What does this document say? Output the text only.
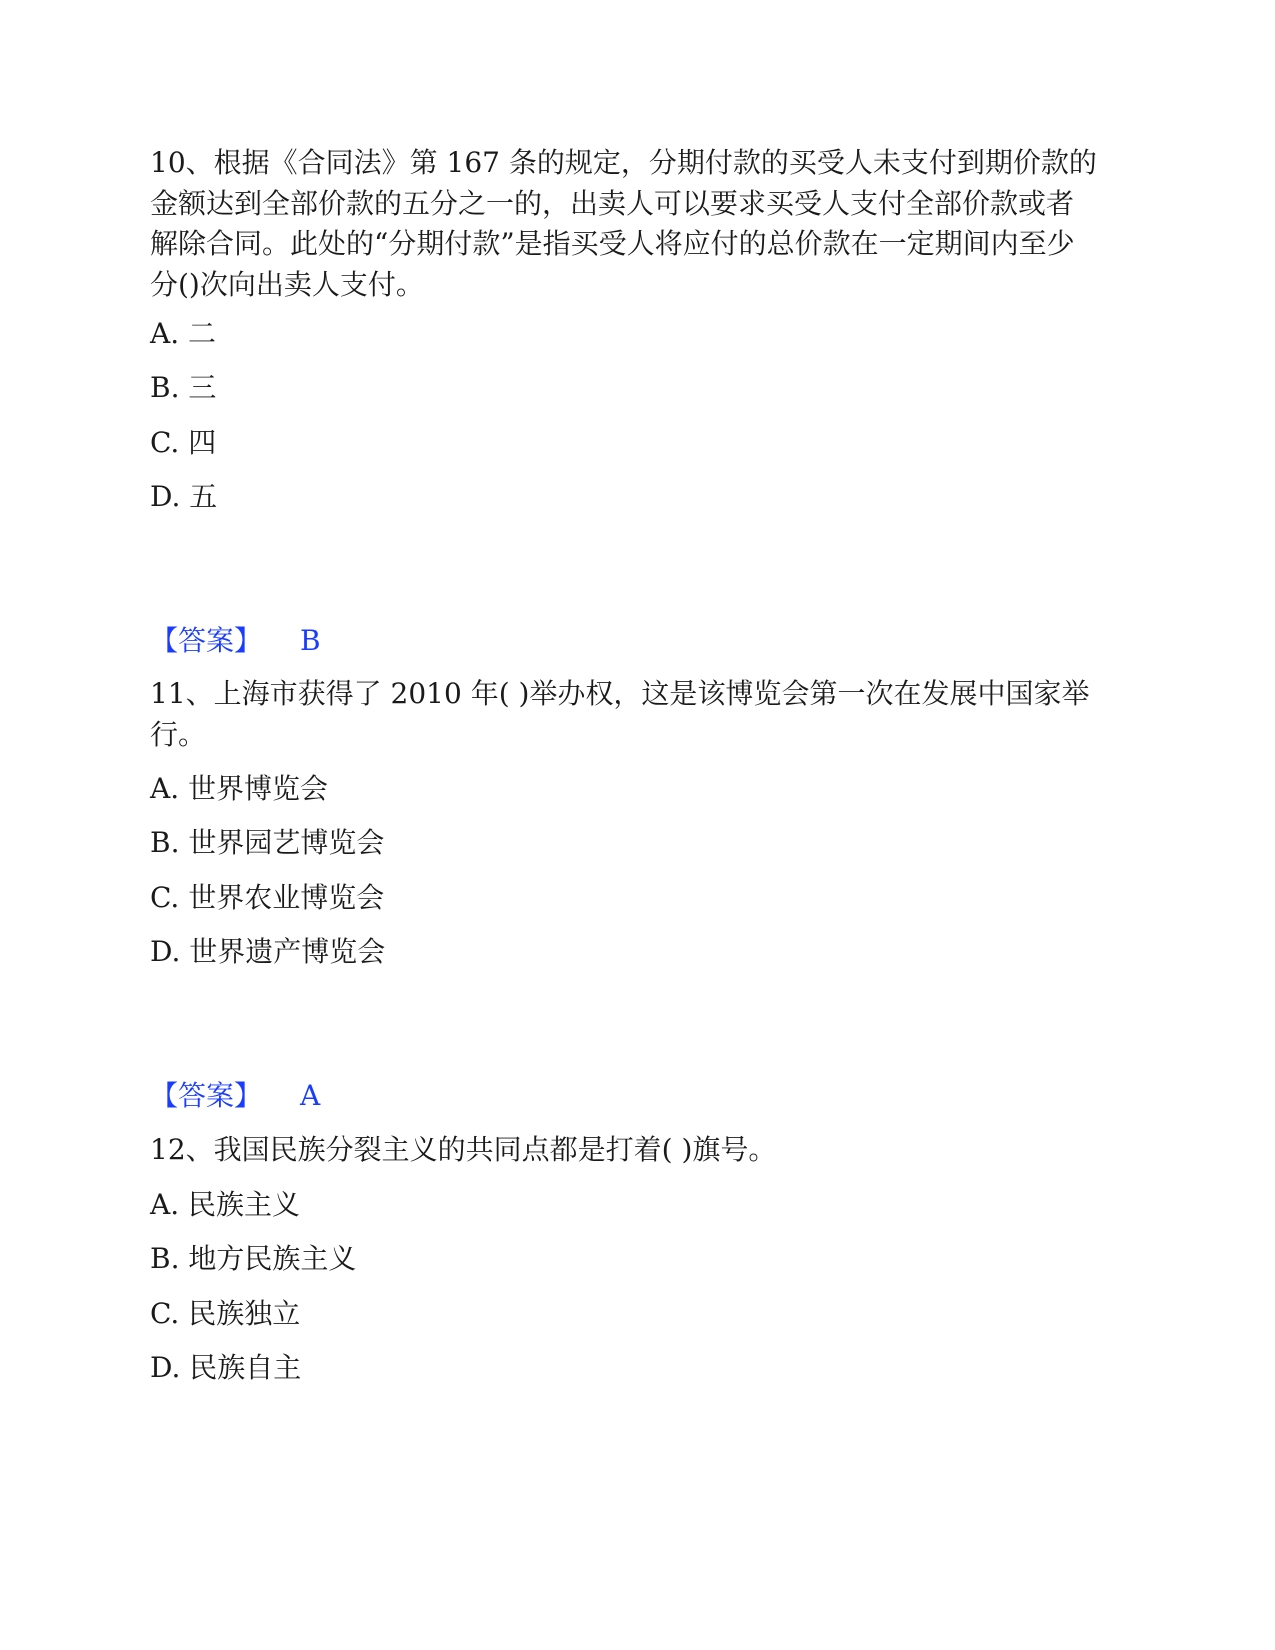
10、根据《合同法》第 167 条的规定，分期付款的买受人未支付到期价款的
金额达到全部价款的五分之一的，出卖人可以要求买受人支付全部价款或者
解除合同。此处的“分期付款”是指买受人将应付的总价款在一定期间内至少
分()次向出卖人支付。
A. 二
B. 三
C. 四
D. 五
【答案】 B
11、上海市获得了 2010 年( )举办权，这是该博览会第一次在发展中国家举
行。
A. 世界博览会
B. 世界园艺博览会
C. 世界农业博览会
D. 世界遗产博览会
【答案】 A
12、我国民族分裂主义的共同点都是打着( )旗号。
A. 民族主义
B. 地方民族主义
C. 民族独立
D. 民族自主
